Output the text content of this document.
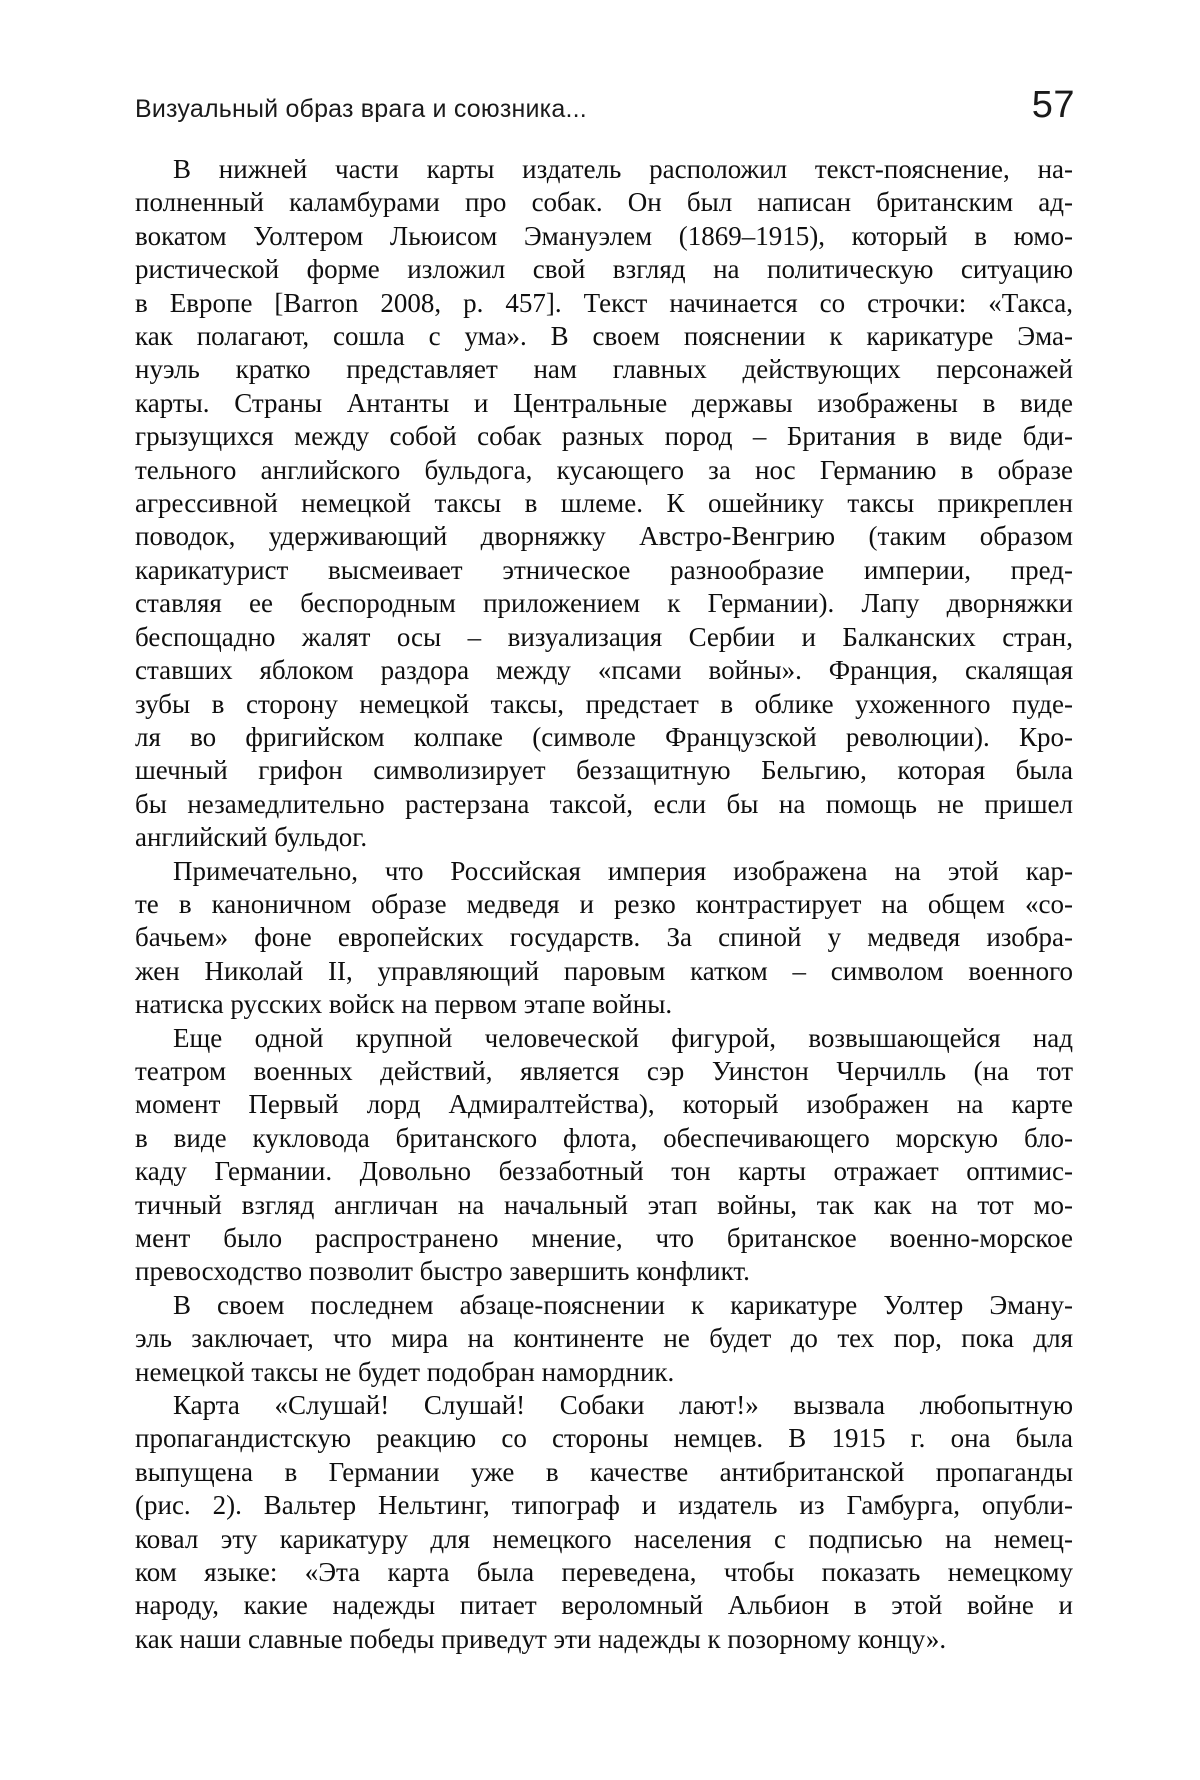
Визуальный образ врага и союзника...	57
В нижней части карты издатель расположил текст-пояснение, на-
полненный каламбурами про собак. Он был написан британским ад-
вокатом Уолтером Льюисом Эмануэлем (1869–1915), который в юмо-
ристической форме изложил свой взгляд на политическую ситуацию
в Европе [Barron 2008, p. 457]. Текст начинается со строчки: «Такса,
как полагают, сошла с ума». В своем пояснении к карикатуре Эма-
нуэль кратко представляет нам главных действующих персонажей
карты. Страны Антанты и Центральные державы изображены в виде
грызущихся между собой собак разных пород – Британия в виде бди-
тельного английского бульдога, кусающего за нос Германию в образе
агрессивной немецкой таксы в шлеме. К ошейнику таксы прикреплен
поводок, удерживающий дворняжку Австро-Венгрию (таким образом
карикатурист высмеивает этническое разнообразие империи, пред-
ставляя ее беспородным приложением к Германии). Лапу дворняжки
беспощадно жалят осы – визуализация Сербии и Балканских стран,
ставших яблоком раздора между «псами войны». Франция, скалящая
зубы в сторону немецкой таксы, предстает в облике ухоженного пуде-
ля во фригийском колпаке (символе Французской революции). Кро-
шечный грифон символизирует беззащитную Бельгию, которая была
бы незамедлительно растерзана таксой, если бы на помощь не пришел
английский бульдог.
Примечательно, что Российская империя изображена на этой кар-
те в каноничном образе медведя и резко контрастирует на общем «со-
бачьем» фоне европейских государств. За спиной у медведя изобра-
жен Николай II, управляющий паровым катком – символом военного
натиска русских войск на первом этапе войны.
Еще одной крупной человеческой фигурой, возвышающейся над
театром военных действий, является сэр Уинстон Черчилль (на тот
момент Первый лорд Адмиралтейства), который изображен на карте
в виде кукловода британского флота, обеспечивающего морскую бло-
каду Германии. Довольно беззаботный тон карты отражает оптимис-
тичный взгляд англичан на начальный этап войны, так как на тот мо-
мент было распространено мнение, что британское военно-морское
превосходство позволит быстро завершить конфликт.
В своем последнем абзаце-пояснении к карикатуре Уолтер Эману-
эль заключает, что мира на континенте не будет до тех пор, пока для
немецкой таксы не будет подобран намордник.
Карта «Слушай! Слушай! Собаки лают!» вызвала любопытную
пропагандистскую реакцию со стороны немцев. В 1915 г. она была
выпущена в Германии уже в качестве антибританской пропаганды
(рис. 2). Вальтер Нельтинг, типограф и издатель из Гамбурга, опубли-
ковал эту карикатуру для немецкого населения с подписью на немец-
ком языке: «Эта карта была переведена, чтобы показать немецкому
народу, какие надежды питает вероломный Альбион в этой войне и
как наши славные победы приведут эти надежды к позорному концу».
